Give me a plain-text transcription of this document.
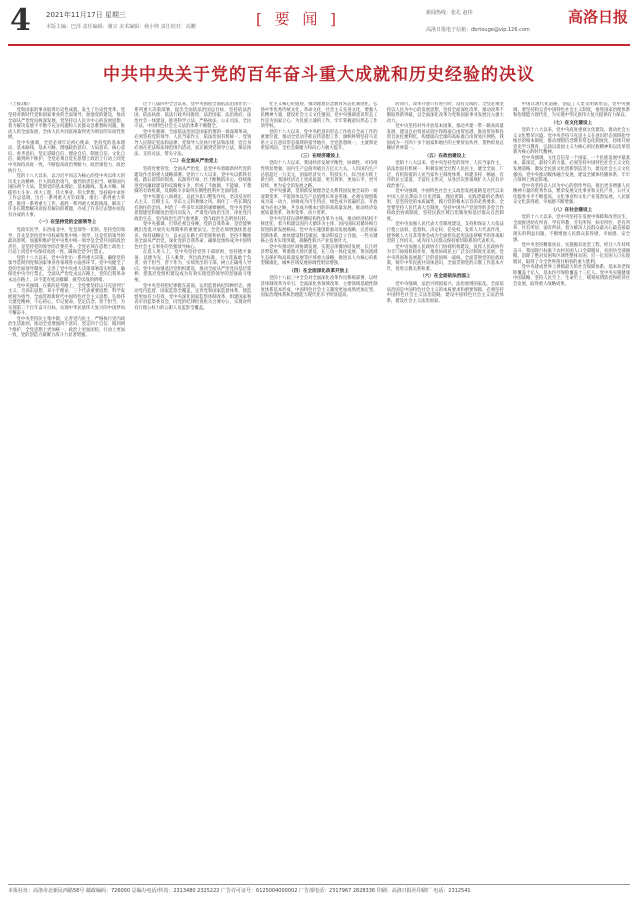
4 2021年11月17日 星期三
本版主编：巴泽 责任编辑：谢宗 美术编辑：杨小帅 责任校对：高鹏	[ 要 闻 ]	新闻热线：张孔 赵伟
高洛日报电子信箱：dbrtouge@vip.126.com
高洛日报
中共中央关于党的百年奋斗重大成就和历史经验的决议

（上接3版）

党和国家的事业取得历史性成就，发生了历史性变革。党坚持对新时代党和国家事业的全面领导，加强党的建设，推动全面从严治党向纵深发展。党坚持以人民为中心的发展思想，着力解决发展不平衡不充分问题和人民群众急难愁盼问题，推动人的全面发展、全体人民共同富裕取得更为明显的实质性进展。

党中央强调，全党必须牢记初心使命，坚持党的基本理论、基本路线、基本方略，增强政治意识、大局意识、核心意识、看齐意识，坚定道路自信、理论自信、制度自信、文化自信，做到两个维护。全党必须自觉在思想上政治上行动上同党中央保持高度一致，不断提高政治判断力、政治领悟力、政治执行力。

党的十八大以来，以习近平同志为核心的党中央以伟大的历史主动精神、巨大的政治勇气、强烈的责任担当，统筹国内国际两个大局，贯彻党的基本理论、基本路线、基本方略，统揽伟大斗争、伟大工程、伟大事业、伟大梦想，坚持稳中求进工作总基调，出台一系列重大方针政策，推出一系列重大举措，推进一系列重大工作，战胜一系列重大风险挑战，解决了许多长期想解决而没有解决的难题，办成了许多过去想办而没有办成的大事。

（一）在坚持党的全面领导上

党政军民学，东西南北中，党是领导一切的。坚持党的领导，首先是坚持党中央权威和集中统一领导，这是党的领导的最高原则。加强和维护党中央集中统一领导是全党共同的政治责任，是坚持党的领导的首要任务。全党必须在思想上政治上行动上同党中央保持高度一致，确保全党令行禁止。

党的十八大以来，党中央作出一系列重大决策，确保党的领导贯彻到党和国家事业各领域各方面各环节。党中央健全了党的全面领导制度，完善了党中央重大决策部署落实机制，确保党中央令行禁止。全面从严治党永远在路上，党的自我革命永远在路上，决不能有松劲歇脚、疲劳厌战的情绪。

党中央强调，在新的赶考路上，全党要坚持以马克思列宁主义、毛泽东思想、邓小平理论、三个代表重要思想、科学发展观为指导，全面贯彻新时代中国特色社会主义思想，弘扬伟大建党精神，不忘初心、牢记使命，坚定信念、勇于担当，为实现第二个百年奋斗目标、实现中华民族伟大复兴的中国梦而不懈奋斗。

党中央坚持民主集中制，完善党内民主，严格执行党内政治生活准则，推动全党增强四个意识、坚定四个自信、做到两个维护，全党思想上更加统一、政治上更加团结、行动上更加一致，党的创造力凝聚力战斗力显著增强。

过十八届四中全会以来，党中央围绕全面依法治国作出一系列重大决策部署，提出全面依法治国总目标，坚持依法治国、依法执政、依法行政共同推进，法治国家、法治政府、法治社会一体建设，推进科学立法、严格执法、公正司法、全民守法，中国特色社会主义法治体系不断健全。

党中央强调，全面依法治国是国家治理的一场深刻革命，必须坚持党的领导、人民当家作主、依法治国有机统一。党领导人民制定宪法和法律，党领导人民执行宪法和法律，党自身必须在宪法和法律范围内活动，真正做到党领导立法、保证执法、支持司法、带头守法。

（二）在全面从严治党上

坚持党要管党、全面从严治党，是党中央着眼新时代党的建设作出的重大战略部署。党的十八大以来，党中央以抓铁有痕、踏石留印的韧劲，以刮骨疗毒、壮士断腕的决心，持续推进党风廉政建设和反腐败斗争，形成了不敢腐、不能腐、不想腐的有效机制，反腐败斗争取得压倒性胜利并全面巩固。

党中央制定八项规定，以此为切口整饬作风，坚决反对形式主义、官僚主义、享乐主义和奢靡之风，刹住了一些长期没有刹住的歪风，纠治了一些多年未除的顽瘴痼疾。党中央坚持思想建党和制度治党同向发力，严肃党内政治生活，净化党内政治生态，党内政治生活气象更新，党内政治生态明显好转。

党中央强调，打铁必须自身硬。党的自我革命，是党能够跳出治乱兴衰历史周期率的重要法宝。全党必须增强忧患意识，保持战略定力，以永远在路上的坚韧和执着，坚持不懈推进全面从严治党，深化党的自我革命，确保党始终成为中国特色社会主义事业的坚强领导核心。

在选人用人上，党中央坚持党管干部原则，坚持德才兼备、以德为先、任人唯贤，突出政治标准，大力选拔敢于负责、勇于担当、善于作为、实绩突出的干部，树立正确用人导向。党中央加强基层党组织建设，推动全面从严治党向基层延伸，把基层党组织建设成为有效实现党的领导的坚强战斗堡垒。

党中央坚持把纪律挺在前面，运用监督执纪四种形态，推动党内监督、国家监察全覆盖，完善党和国家监督体系，使监督更加有力有效。党中央深化国家监察体制改革，组建国家和省市县监察委员会，同党的纪律检查机关合署办公，实现对所有行使公权力的公职人员监察全覆盖。

社主义核心价值观，推动理想信念教育常态化制度化，弘扬中华优秀传统文化、革命文化、社会主义先进文化，增强人民精神力量，建设社会主义文化强国。党中央强调意识形态工作是为国家立心、为民族立魂的工作，牢牢掌握意识形态工作领导权。

党的十八大以来，党中央把意识形态工作放在全局工作的重要位置，推动全党动手抓宣传思想工作，旗帜鲜明坚持马克思主义在意识形态领域的指导地位，全党思想统一，主流舆论更加巩固，全社会凝聚力和向心力极大提升。

（三）在经济建设上

党的十八大以来，我国经济发展平衡性、协调性、可持续性明显增强，国内生产总值突破百万亿元大关，人均国内生产总值超过一万美元，国家经济实力、科技实力、综合国力跃上新台阶，我国经济迈上更高质量、更有效率、更加公平、更可持续、更为安全的发展之路。

党中央强调，贯彻新发展理念是关系我国发展全局的一场深刻变革，不能简单以生产总值增长率论英雄，必须实现创新成为第一动力、协调成为内生特点、绿色成为普遍形态、开放成为必由之路、共享成为根本目的的高质量发展，推动经济发展质量变革、效率变革、动力变革。

党中央坚持以供给侧结构性改革为主线，推动经济结构不断优化，着力构建以国内大循环为主体、国内国际双循环相互促进的新发展格局。党中央实施创新驱动发展战略，完善国家创新体系，加快建设科技强国，推动科技自立自强，一些关键核心技术实现突破，战略性新兴产业发展壮大。

党中央推动区域协调发展，实施京津冀协同发展、长江经济带发展、粤港澳大湾区建设、长三角一体化发展、黄河流域生态保护和高质量发展等区域重大战略，推进以人为核心的新型城镇化，城乡区域发展协调性明显增强。

（四）在全面深化改革开放上

党的十八届三中全会对全面深化改革作出系统部署，以经济体制改革为牵引，全面深化各领域改革，主要领域基础性制度体系基本形成，中国特色社会主义制度更加成熟更加定型，国家治理体系和治理能力现代化水平明显提高。

时而行，改革开放只有进行时，没有完成时。全党必须坚持以人民为中心的发展思想，坚持全面深化改革，推动改革不断取得新突破，以全面深化改革为党和国家事业发展注入强大动力。

党中央坚持对外开放基本国策，推动共建一带一路高质量发展，建设自由贸易试验区和海南自由贸易港，推动贸易和投资自由化便利化，构建面向全球的高标准自由贸易区网络，我国成为一百四十多个国家和地区的主要贸易伙伴，货物贸易总额居世界第一。

（五）在政治建设上

党的十八大以来，党中央坚持党的领导、人民当家作主、依法治国有机统一，积极发展全过程人民民主，健全全面、广泛、有机衔接的人民当家作主制度体系，构建多样、畅通、有序的民主渠道，丰富民主形式，从各层次各领域扩大人民有序政治参与。

党中央强调，中国特色社会主义政治发展道路是近代以来中国人民长期奋斗历史逻辑、理论逻辑、实践逻辑的必然结果，是坚持党的本质属性、践行党的根本宗旨的必然要求。全党要坚持人民代表大会制度，坚持中国共产党领导的多党合作和政治协商制度，坚持民族区域自治制度和基层群众自治制度。

党中央加强人民代表大会制度建设，支持和保证人大依法行使立法权、监督权、决定权、任免权，发挥人大代表作用，使各级人大及其常委会成为全面担负起宪法法律赋予的各项职责的工作机关，成为同人民群众保持密切联系的代表机关。

党中央加强人民政协专门协商机构建设，发挥人民政协作为专门协商机构作用，推进协商民主广泛多层制度化发展。党中央巩固和发展最广泛的爱国统一战线，全面贯彻党的民族政策，铸牢中华民族共同体意识，全面贯彻党的宗教工作基本方针，促进宗教关系和谐。

（六）在全面依法治国上

党中央强调，法治兴则国家兴，法治衰则国家乱。全面依法治国是中国特色社会主义的本质要求和重要保障，必须坚持中国特色社会主义法治道路，建设中国特色社会主义法治体系，建设社会主义法治国家。

中国式现代化道路，创造了人类文明新形态。党中央强调，要坚持和完善中国特色社会主义制度，推进国家治理体系和治理能力现代化，为实现中华民族伟大复兴提供有力保证。

（七）在文化建设上

党的十八大以来，党中央高度重视文化建设，推动社会主义文化繁荣兴盛。党中央坚持马克思主义在意识形态领域指导地位的根本制度，推动理想信念教育常态化制度化，持续开展党史学习教育，弘扬以爱国主义为核心的民族精神和以改革创新为核心的时代精神。

党中央强调，文化自信是一个国家、一个民族发展中最基本、最深沉、最持久的力量。必须坚持中国特色社会主义文化发展道路，激发全民族文化创新创造活力，建设社会主义文化强国。党中央推动媒体融合发展，建设全媒体传播体系，牢牢占领网上舆论阵地。

党中央坚持以人民为中心的创作导向，推出更多增强人民精神力量的优秀作品，繁荣发展文化事业和文化产业，公共文化服务水平不断提高，文化事业和文化产业蓬勃发展，人民群众文化获得感、幸福感不断增强。

（八）在社会建设上

党的十八大以来，党中央坚持在发展中保障和改善民生，全面推进幼有所育、学有所教、劳有所得、病有所医、老有所养、住有所居、弱有所扶，着力解决人民群众最关心最直接最现实的利益问题，不断增强人民群众获得感、幸福感、安全感。

党中央坚持精准扶贫，实施脱贫攻坚工程，经过八年持续奋斗，我国现行标准下农村贫困人口全部脱贫，贫困县全部摘帽，消除了绝对贫困和区域性整体贫困，近一亿贫困人口实现脱贫，取得了令全世界刮目相看的重大胜利。

党中央建成世界上规模最大的社会保障体系，基本养老保险覆盖十亿人，基本医疗保险覆盖十三亿人。党中央实施健康中国战略，坚持人民至上、生命至上，统筹疫情防控和经济社会发展，取得重大战略成果。

本报社址：高洛市北新民西路58号 邮政编码：726000 总编办电话/传真：2313480 2325222 广告许可证号：6125004000002 广告部电话：2317967 2828336 印刷：高洛日报社印刷厂 电话：2312541
